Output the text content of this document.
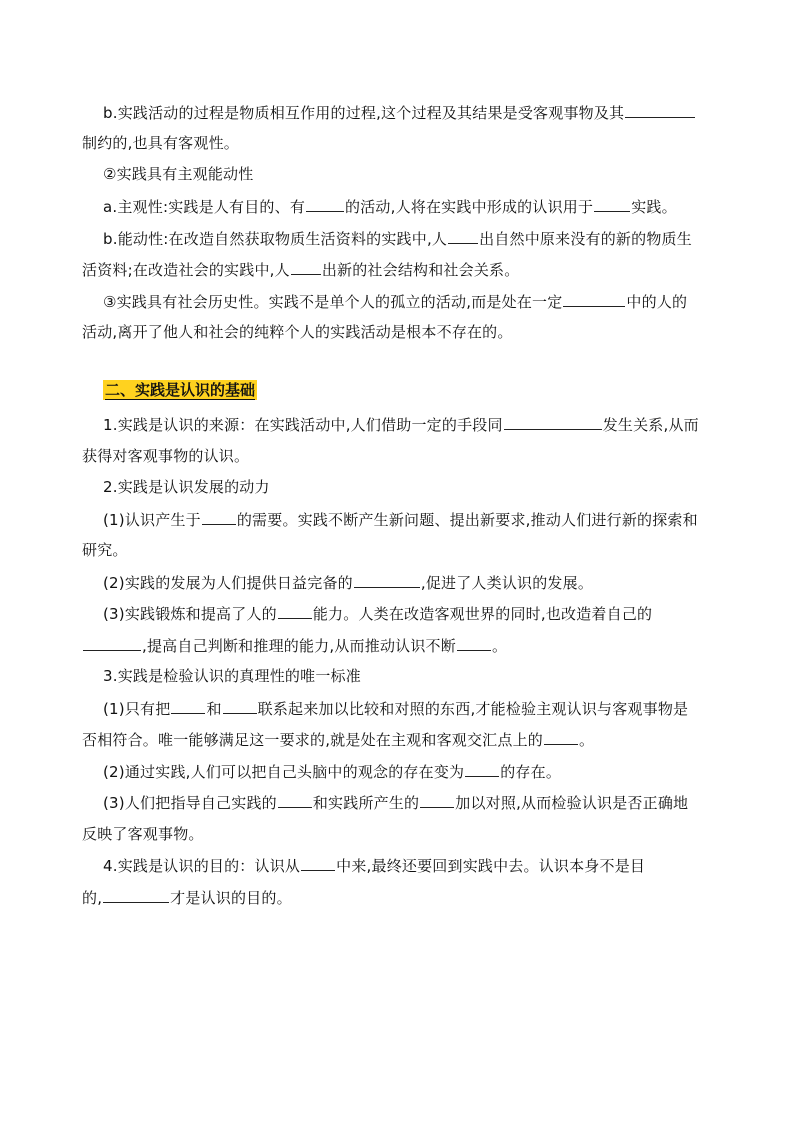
b.实践活动的过程是物质相互作用的过程,这个过程及其结果是受客观事物及其
制约的,也具有客观性。
②实践具有主观能动性
a.主观性:实践是人有目的、有	的活动,人将在实践中形成的认识用于	实践。
b.能动性:在改造自然获取物质生活资料的实践中,人 出自然中原来没有的新的物质生
活资料;在改造社会的实践中,人 出新的社会结构和社会关系。
③实践具有社会历史性。实践不是单个人的孤立的活动,而是处在一定	中的人的
活动,离开了他人和社会的纯粹个人的实践活动是根本不存在的。
二、实践是认识的基础
1.实践是认识的来源：在实践活动中,人们借助一定的手段同	发生关系,从而
获得对客观事物的认识。
2.实践是认识发展的动力
(1)认识产生于 的需要。实践不断产生新问题、提出新要求,推动人们进行新的探索和
研究。
(2)实践的发展为人们提供日益完备的	,促进了人类认识的发展。
(3)实践锻炼和提高了人的 能力。人类在改造客观世界的同时,也改造着自己的
,提高自己判断和推理的能力,从而推动认识不断 。
3.实践是检验认识的真理性的唯一标准
(1)只有把 和 联系起来加以比较和对照的东西,才能检验主观认识与客观事物是
否相符合。唯一能够满足这一要求的,就是处在主观和客观交汇点上的 。
(2)通过实践,人们可以把自己头脑中的观念的存在变为 的存在。
(3)人们把指导自己实践的 和实践所产生的 加以对照,从而检验认识是否正确地
反映了客观事物。
4.实践是认识的目的：认识从 中来,最终还要回到实践中去。认识本身不是目
的,	才是认识的目的。
